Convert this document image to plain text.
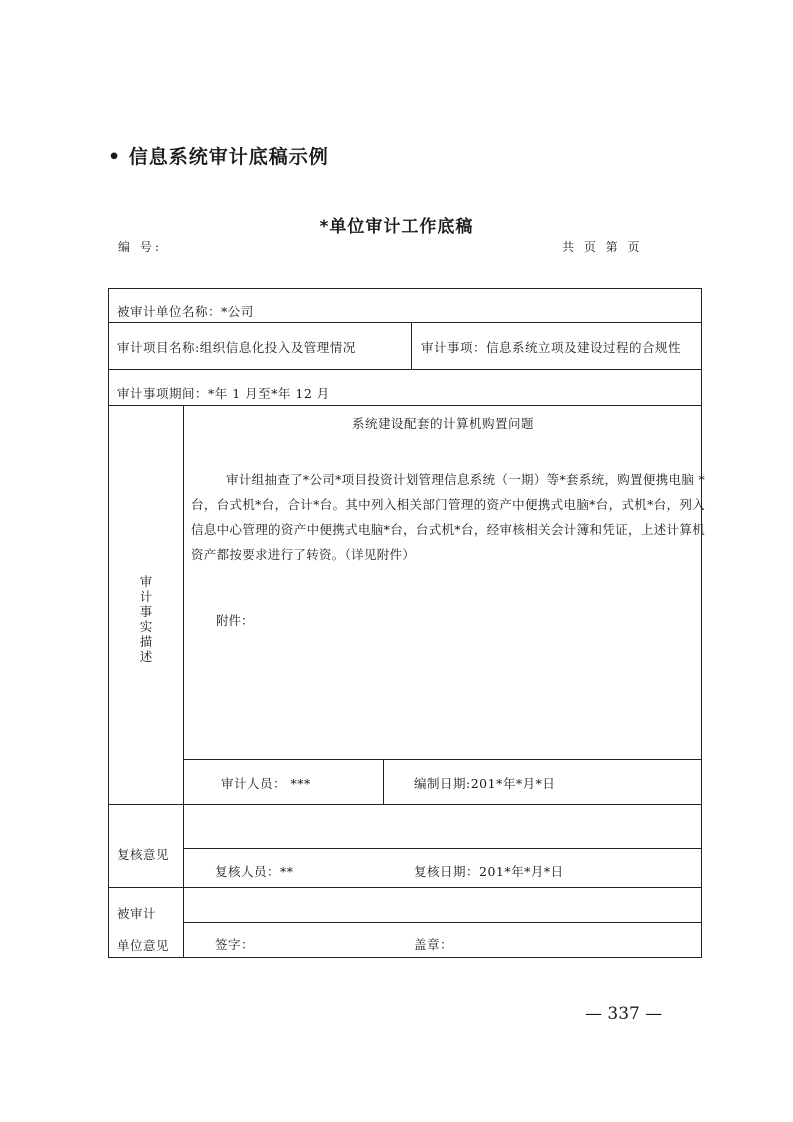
• 信息系统审计底稿示例
*单位审计工作底稿
编 号:	共 页 第 页
被审计单位名称：*公司
审计项目名称:组织信息化投入及管理情况	审计事项：信息系统立项及建设过程的合规性
审计事项期间：*年 1 月至*年 12 月
审计事实描述
系统建设配套的计算机购置问题
审计组抽查了*公司*项目投资计划管理信息系统（一期）等*套系统，购置便携电脑 *台，台式机*台，合计*台。其中列入相关部门管理的资产中便携式电脑*台，式机*台，列入信息中心管理的资产中便携式电脑*台，台式机*台，经审核相关会计簿和凭证，上述计算机资产都按要求进行了转资。（详见附件）
附件：
审计人员： ***	编制日期:201*年*月*日
复核意见
复核人员：**	复核日期：201*年*月*日
被审计
单位意见	签字：	盖章：
— 337 —
